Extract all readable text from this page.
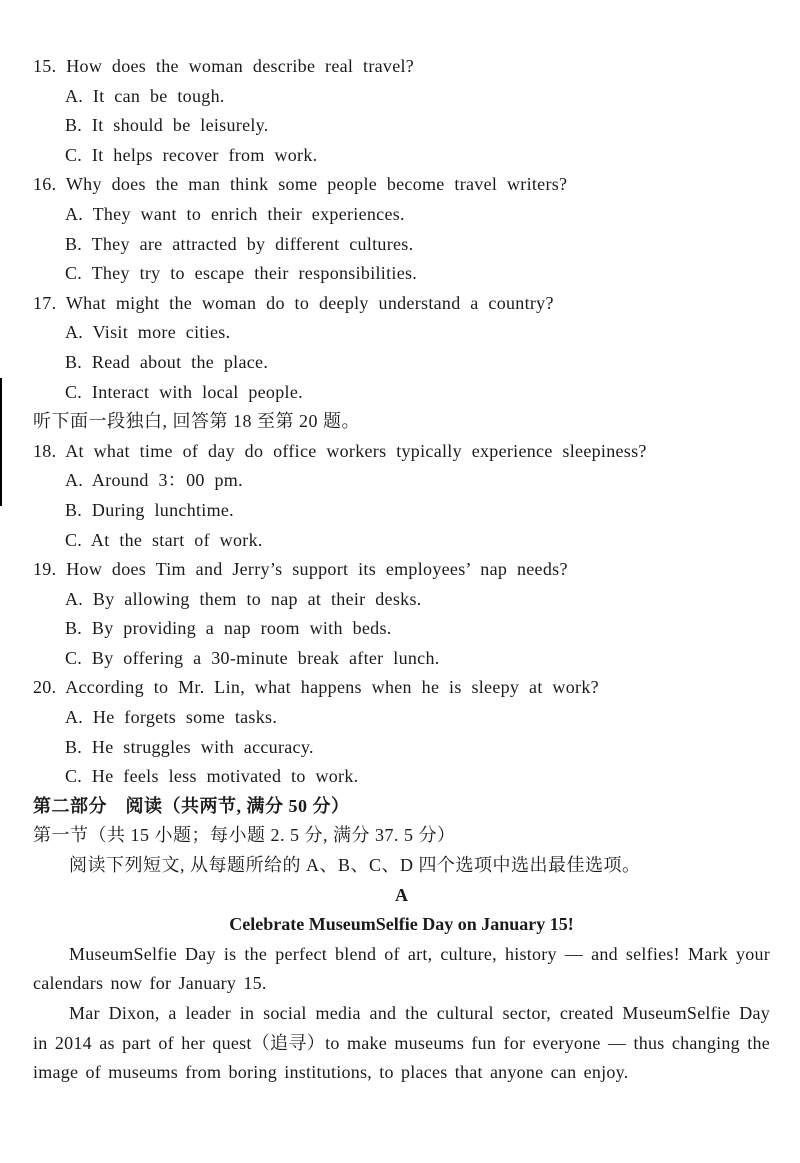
15. How does the woman describe real travel?
A. It can be tough.
B. It should be leisurely.
C. It helps recover from work.
16. Why does the man think some people become travel writers?
A. They want to enrich their experiences.
B. They are attracted by different cultures.
C. They try to escape their responsibilities.
17. What might the woman do to deeply understand a country?
A. Visit more cities.
B. Read about the place.
C. Interact with local people.
听下面一段独白, 回答第 18 至第 20 题。
18. At what time of day do office workers typically experience sleepiness?
A. Around 3：00 pm.
B. During lunchtime.
C. At the start of work.
19. How does Tim and Jerry’s support its employees’ nap needs?
A. By allowing them to nap at their desks.
B. By providing a nap room with beds.
C. By offering a 30-minute break after lunch.
20. According to Mr. Lin, what happens when he is sleepy at work?
A. He forgets some tasks.
B. He struggles with accuracy.
C. He feels less motivated to work.
第二部分　阅读（共两节, 满分 50 分）
第一节（共 15 小题；每小题 2. 5 分, 满分 37. 5 分）
阅读下列短文, 从每题所给的 A、B、C、D 四个选项中选出最佳选项。
A
Celebrate MuseumSelfie Day on January 15!

MuseumSelfie Day is the perfect blend of art, culture, history — and selfies! Mark your calendars now for January 15.

Mar Dixon, a leader in social media and the cultural sector, created MuseumSelfie Day in 2014 as part of her quest（追寻）to make museums fun for everyone — thus changing the image of museums from boring institutions, to places that anyone can enjoy.
